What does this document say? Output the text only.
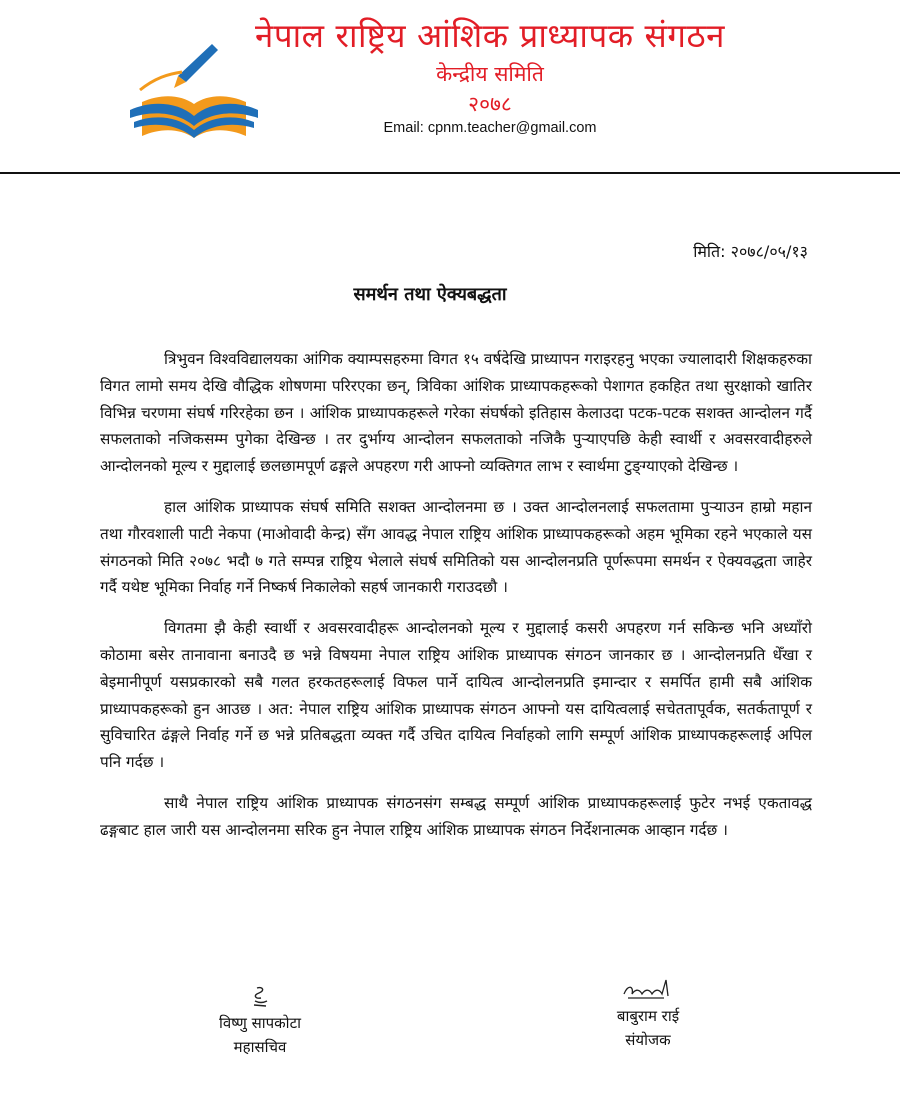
नेपाल राष्ट्रिय आंशिक प्राध्यापक संगठन
केन्द्रीय समिति
२०७८
Email: cpnm.teacher@gmail.com
मिति: २०७८/०५/१३
समर्थन तथा ऐक्यबद्धता

त्रिभुवन विश्वविद्यालयका आंगिक क्याम्पसहरुमा विगत १५ वर्षदेखि प्राध्यापन गराइरहनु भएका ज्यालादारी शिक्षकहरुका विगत लामो समय देखि वौद्धिक शोषणमा परिरएका छन्, त्रिविका आंशिक प्राध्यापकहरूको पेशागत हकहित तथा सुरक्षाको खातिर विभिन्न चरणमा संघर्ष गरिरहेका छन । आंशिक प्राध्यापकहरूले गरेका संघर्षको इतिहास केलाउदा पटक-पटक सशक्त आन्दोलन गर्दै सफलताको नजिकसम्म पुगेका देखिन्छ । तर दुर्भाग्य आन्दोलन सफलताको नजिकै पुऱ्याएपछि केही स्वार्थी र अवसरवादीहरुले आन्दोलनको मूल्य र मुद्दालाई छलछामपूर्ण ढङ्गले अपहरण गरी आफ्नो व्यक्तिगत लाभ र स्वार्थमा टुङ्ग्याएको देखिन्छ ।

हाल आंशिक प्राध्यापक संघर्ष समिति सशक्त आन्दोलनमा छ । उक्त आन्दोलनलाई सफलतामा पुऱ्याउन हाम्रो महान तथा गौरवशाली पाटी नेकपा (माओवादी केन्द्र) सँग आवद्ध नेपाल राष्ट्रिय आंशिक प्राध्यापकहरूको अहम भूमिका रहने भएकाले यस संगठनको मिति २०७८ भदौ ७ गते सम्पन्न राष्ट्रिय भेलाले संघर्ष समितिको यस आन्दोलनप्रति पूर्णरूपमा समर्थन र ऐक्यवद्धता जाहेर गर्दै यथेष्ट भूमिका निर्वाह गर्ने निष्कर्ष निकालेको सहर्ष जानकारी गराउदछौ ।

विगतमा झै केही स्वार्थी र अवसरवादीहरू आन्दोलनको मूल्य र मुद्दालाई कसरी अपहरण गर्न सकिन्छ भनि अध्याँरो कोठामा बसेर तानावाना बनाउदै छ भन्ने विषयमा नेपाल राष्ट्रिय आंशिक प्राध्यापक संगठन जानकार छ । आन्दोलनप्रति धेँखा र बेइमानीपूर्ण यसप्रकारको सबै गलत हरकतहरूलाई विफल पार्ने दायित्व आन्दोलनप्रति इमान्दार र समर्पित हामी सबै आंशिक प्राध्यापकहरूको हुन आउछ । अत: नेपाल राष्ट्रिय आंशिक प्राध्यापक संगठन आफ्नो यस दायित्वलाई सचेततापूर्वक, सतर्कतापूर्ण र सुविचारित ढंङ्गले निर्वाह गर्ने छ भन्ने प्रतिबद्धता व्यक्त गर्दै उचित दायित्व निर्वाहको लागि सम्पूर्ण आंशिक प्राध्यापकहरूलाई अपिल पनि गर्दछ ।

साथै नेपाल राष्ट्रिय आंशिक प्राध्यापक संगठनसंग सम्बद्ध सम्पूर्ण आंशिक प्राध्यापकहरूलाई फुटेर नभई एकतावद्ध ढङ्गबाट हाल जारी यस आन्दोलनमा सरिक हुन नेपाल राष्ट्रिय आंशिक प्राध्यापक संगठन निर्देशनात्मक आव्हान गर्दछ ।

विष्णु सापकोटा
महासचिव
बाबुराम राई
संयोजक
